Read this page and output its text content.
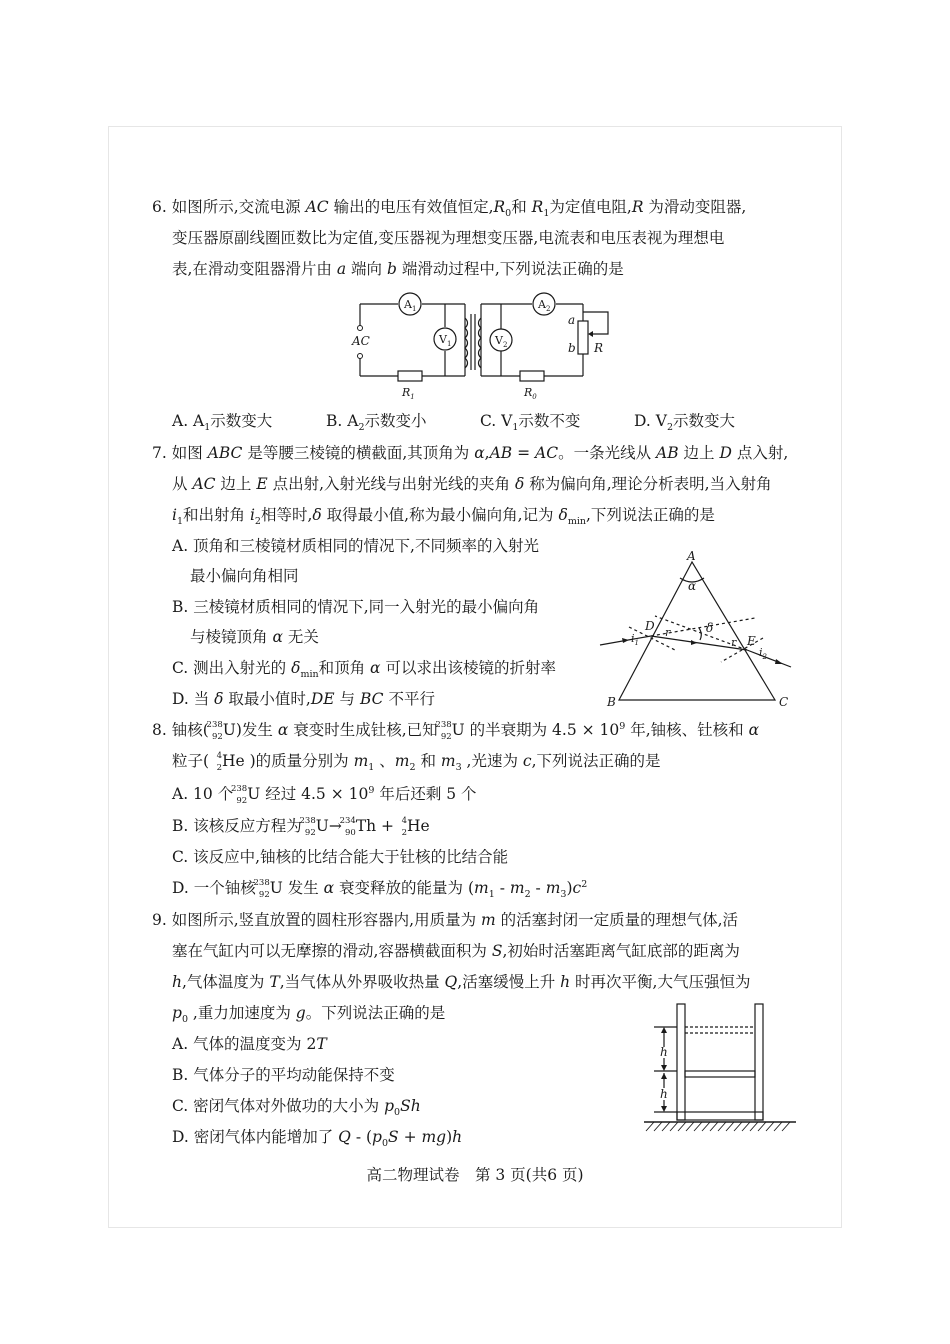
6. 如图所示,交流电源 AC 输出的电压有效值恒定$,R_0$和 $R_1$为定值电阻,R 为滑动变阻器,
变压器原副线圈匝数比为定值,变压器视为理想变压器,电流表和电压表视为理想电
表,在滑动变阻器滑片由 a 端向 b 端滑动过程中,下列说法正确的是
$A_1$
$V_1$
$A_2$
$V_2$
AC
$R_1$	$R_0$
R
a
b
A. $A_1$示数变大	B. $A_2$示数变小	C. $V_1$示数不变	D. $V_2$示数变大
7. 如图 ABC 是等腰三棱镜的横截面,其顶角为 α,AB = AC。一条光线从 AB 边上 D 点入射,
从 AC 边上 E 点出射,入射光线与出射光线的夹角 δ 称为偏向角,理论分析表明,当入射角
$i_1$和出射角 $i_2$相等时,δ 取得最小值,称为最小偏向角,记为 $\delta_{min}$,下列说法正确的是
A. 顶角和三棱镜材质相同的情况下,不同频率的入射光
最小偏向角相同
B. 三棱镜材质相同的情况下,同一入射光的最小偏向角
与棱镜顶角 α 无关
C. 测出入射光的 $\delta_{min}$和顶角 α 可以求出该棱镜的折射率
D. 当 δ 取最小值时,DE 与 BC 不平行
A
B	C
D
E
α
δ
$i_1$
$i_2$
r
r
8. 铀核(
238
92 U)发生 α 衰变时生成钍核,已知
238
92 U 的半衰期为 $4.5 \times 10^9$ 年,铀核、钍核和 α
粒子( 4
2 He )的质量分别为 $m_1$ 、$m_2$ 和 $m_3$ ,光速为 c,下列说法正确的是
A. 10 个
238
92 U 经过 $4.5 \times 10^9$ 年后还剩 5 个
B. 该核反应方程为
238
92 U→
234
90 Th + 4
2 He
C. 该反应中,铀核的比结合能大于钍核的比结合能
D. 一个铀核
238
92 U 发生 α 衰变释放的能量为 $(m_1 - m_2 - m_3)c^2$
9. 如图所示,竖直放置的圆柱形容器内,用质量为 m 的活塞封闭一定质量的理想气体,活
塞在气缸内可以无摩擦的滑动,容器横截面积为 S,初始时活塞距离气缸底部的距离为
h,气体温度为 T,当气体从外界吸收热量 Q,活塞缓慢上升 h 时再次平衡,大气压强恒为
$p_0$ ,重力加速度为 g。下列说法正确的是
A. 气体的温度变为 2T
B. 气体分子的平均动能保持不变
C. 密闭气体对外做功的大小为 $p_0Sh$
D. 密闭气体内能增加了 $Q - (p_0S + mg)h$
h
h
高二物理试卷　第 3 页(共6 页)
